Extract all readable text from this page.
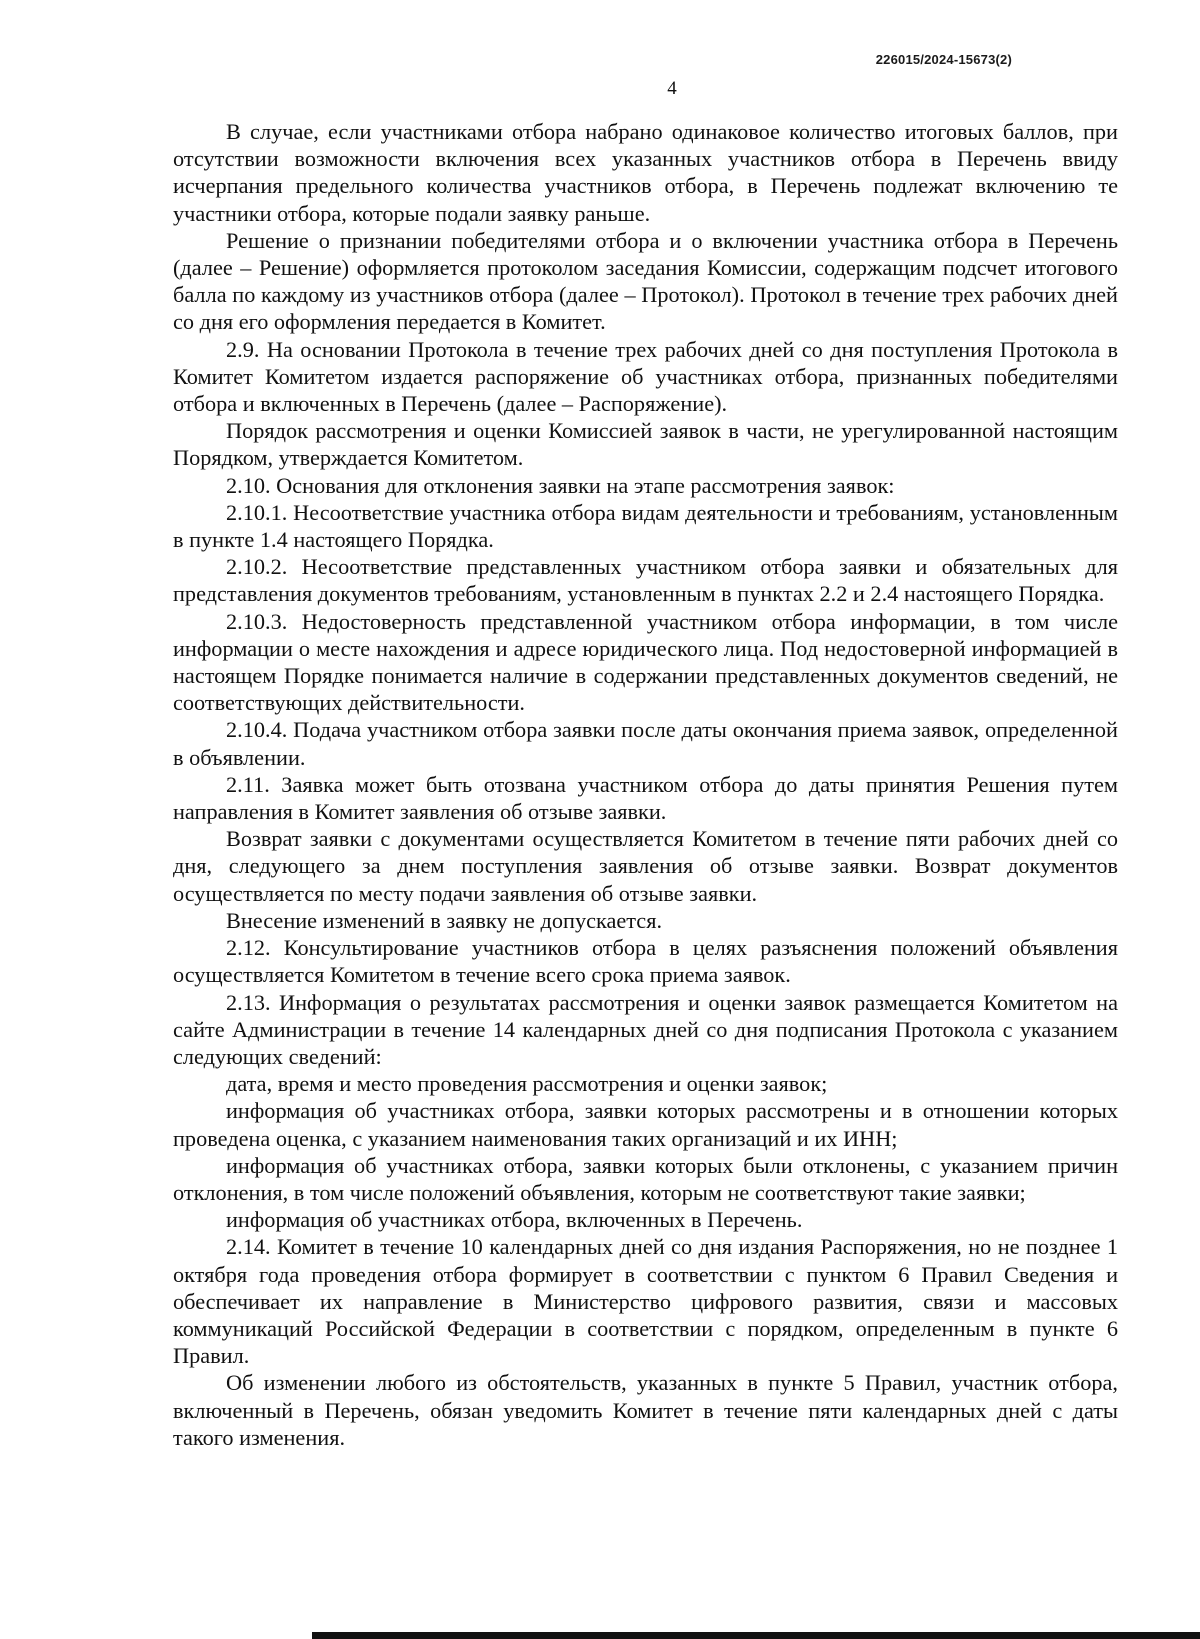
226015/2024-15673(2)
4

В случае, если участниками отбора набрано одинаковое количество итоговых баллов, при отсутствии возможности включения всех указанных участников отбора в Перечень ввиду исчерпания предельного количества участников отбора, в Перечень подлежат включению те участники отбора, которые подали заявку раньше.

Решение о признании победителями отбора и о включении участника отбора в Перечень (далее – Решение) оформляется протоколом заседания Комиссии, содержащим подсчет итогового балла по каждому из участников отбора (далее – Протокол). Протокол в течение трех рабочих дней со дня его оформления передается в Комитет.

2.9. На основании Протокола в течение трех рабочих дней со дня поступления Протокола в Комитет Комитетом издается распоряжение об участниках отбора, признанных победителями отбора и включенных в Перечень (далее – Распоряжение).

Порядок рассмотрения и оценки Комиссией заявок в части, не урегулированной настоящим Порядком, утверждается Комитетом.

2.10. Основания для отклонения заявки на этапе рассмотрения заявок:

2.10.1. Несоответствие участника отбора видам деятельности и требованиям, установленным в пункте 1.4 настоящего Порядка.

2.10.2. Несоответствие представленных участником отбора заявки и обязательных для представления документов требованиям, установленным в пунктах 2.2 и 2.4 настоящего Порядка.

2.10.3. Недостоверность представленной участником отбора информации, в том числе информации о месте нахождения и адресе юридического лица. Под недостоверной информацией в настоящем Порядке понимается наличие в содержании представленных документов сведений, не соответствующих действительности.

2.10.4. Подача участником отбора заявки после даты окончания приема заявок, определенной в объявлении.

2.11. Заявка может быть отозвана участником отбора до даты принятия Решения путем направления в Комитет заявления об отзыве заявки.

Возврат заявки с документами осуществляется Комитетом в течение пяти рабочих дней со дня, следующего за днем поступления заявления об отзыве заявки. Возврат документов осуществляется по месту подачи заявления об отзыве заявки.

Внесение изменений в заявку не допускается.

2.12. Консультирование участников отбора в целях разъяснения положений объявления осуществляется Комитетом в течение всего срока приема заявок.

2.13. Информация о результатах рассмотрения и оценки заявок размещается Комитетом на сайте Администрации в течение 14 календарных дней со дня подписания Протокола с указанием следующих сведений:

дата, время и место проведения рассмотрения и оценки заявок;

информация об участниках отбора, заявки которых рассмотрены и в отношении которых проведена оценка, с указанием наименования таких организаций и их ИНН;

информация об участниках отбора, заявки которых были отклонены, с указанием причин отклонения, в том числе положений объявления, которым не соответствуют такие заявки;

информация об участниках отбора, включенных в Перечень.

2.14. Комитет в течение 10 календарных дней со дня издания Распоряжения, но не позднее 1 октября года проведения отбора формирует в соответствии с пунктом 6 Правил Сведения и обеспечивает их направление в Министерство цифрового развития, связи и массовых коммуникаций Российской Федерации в соответствии с порядком, определенным в пункте 6 Правил.

Об изменении любого из обстоятельств, указанных в пункте 5 Правил, участник отбора, включенный в Перечень, обязан уведомить Комитет в течение пяти календарных дней с даты такого изменения.
